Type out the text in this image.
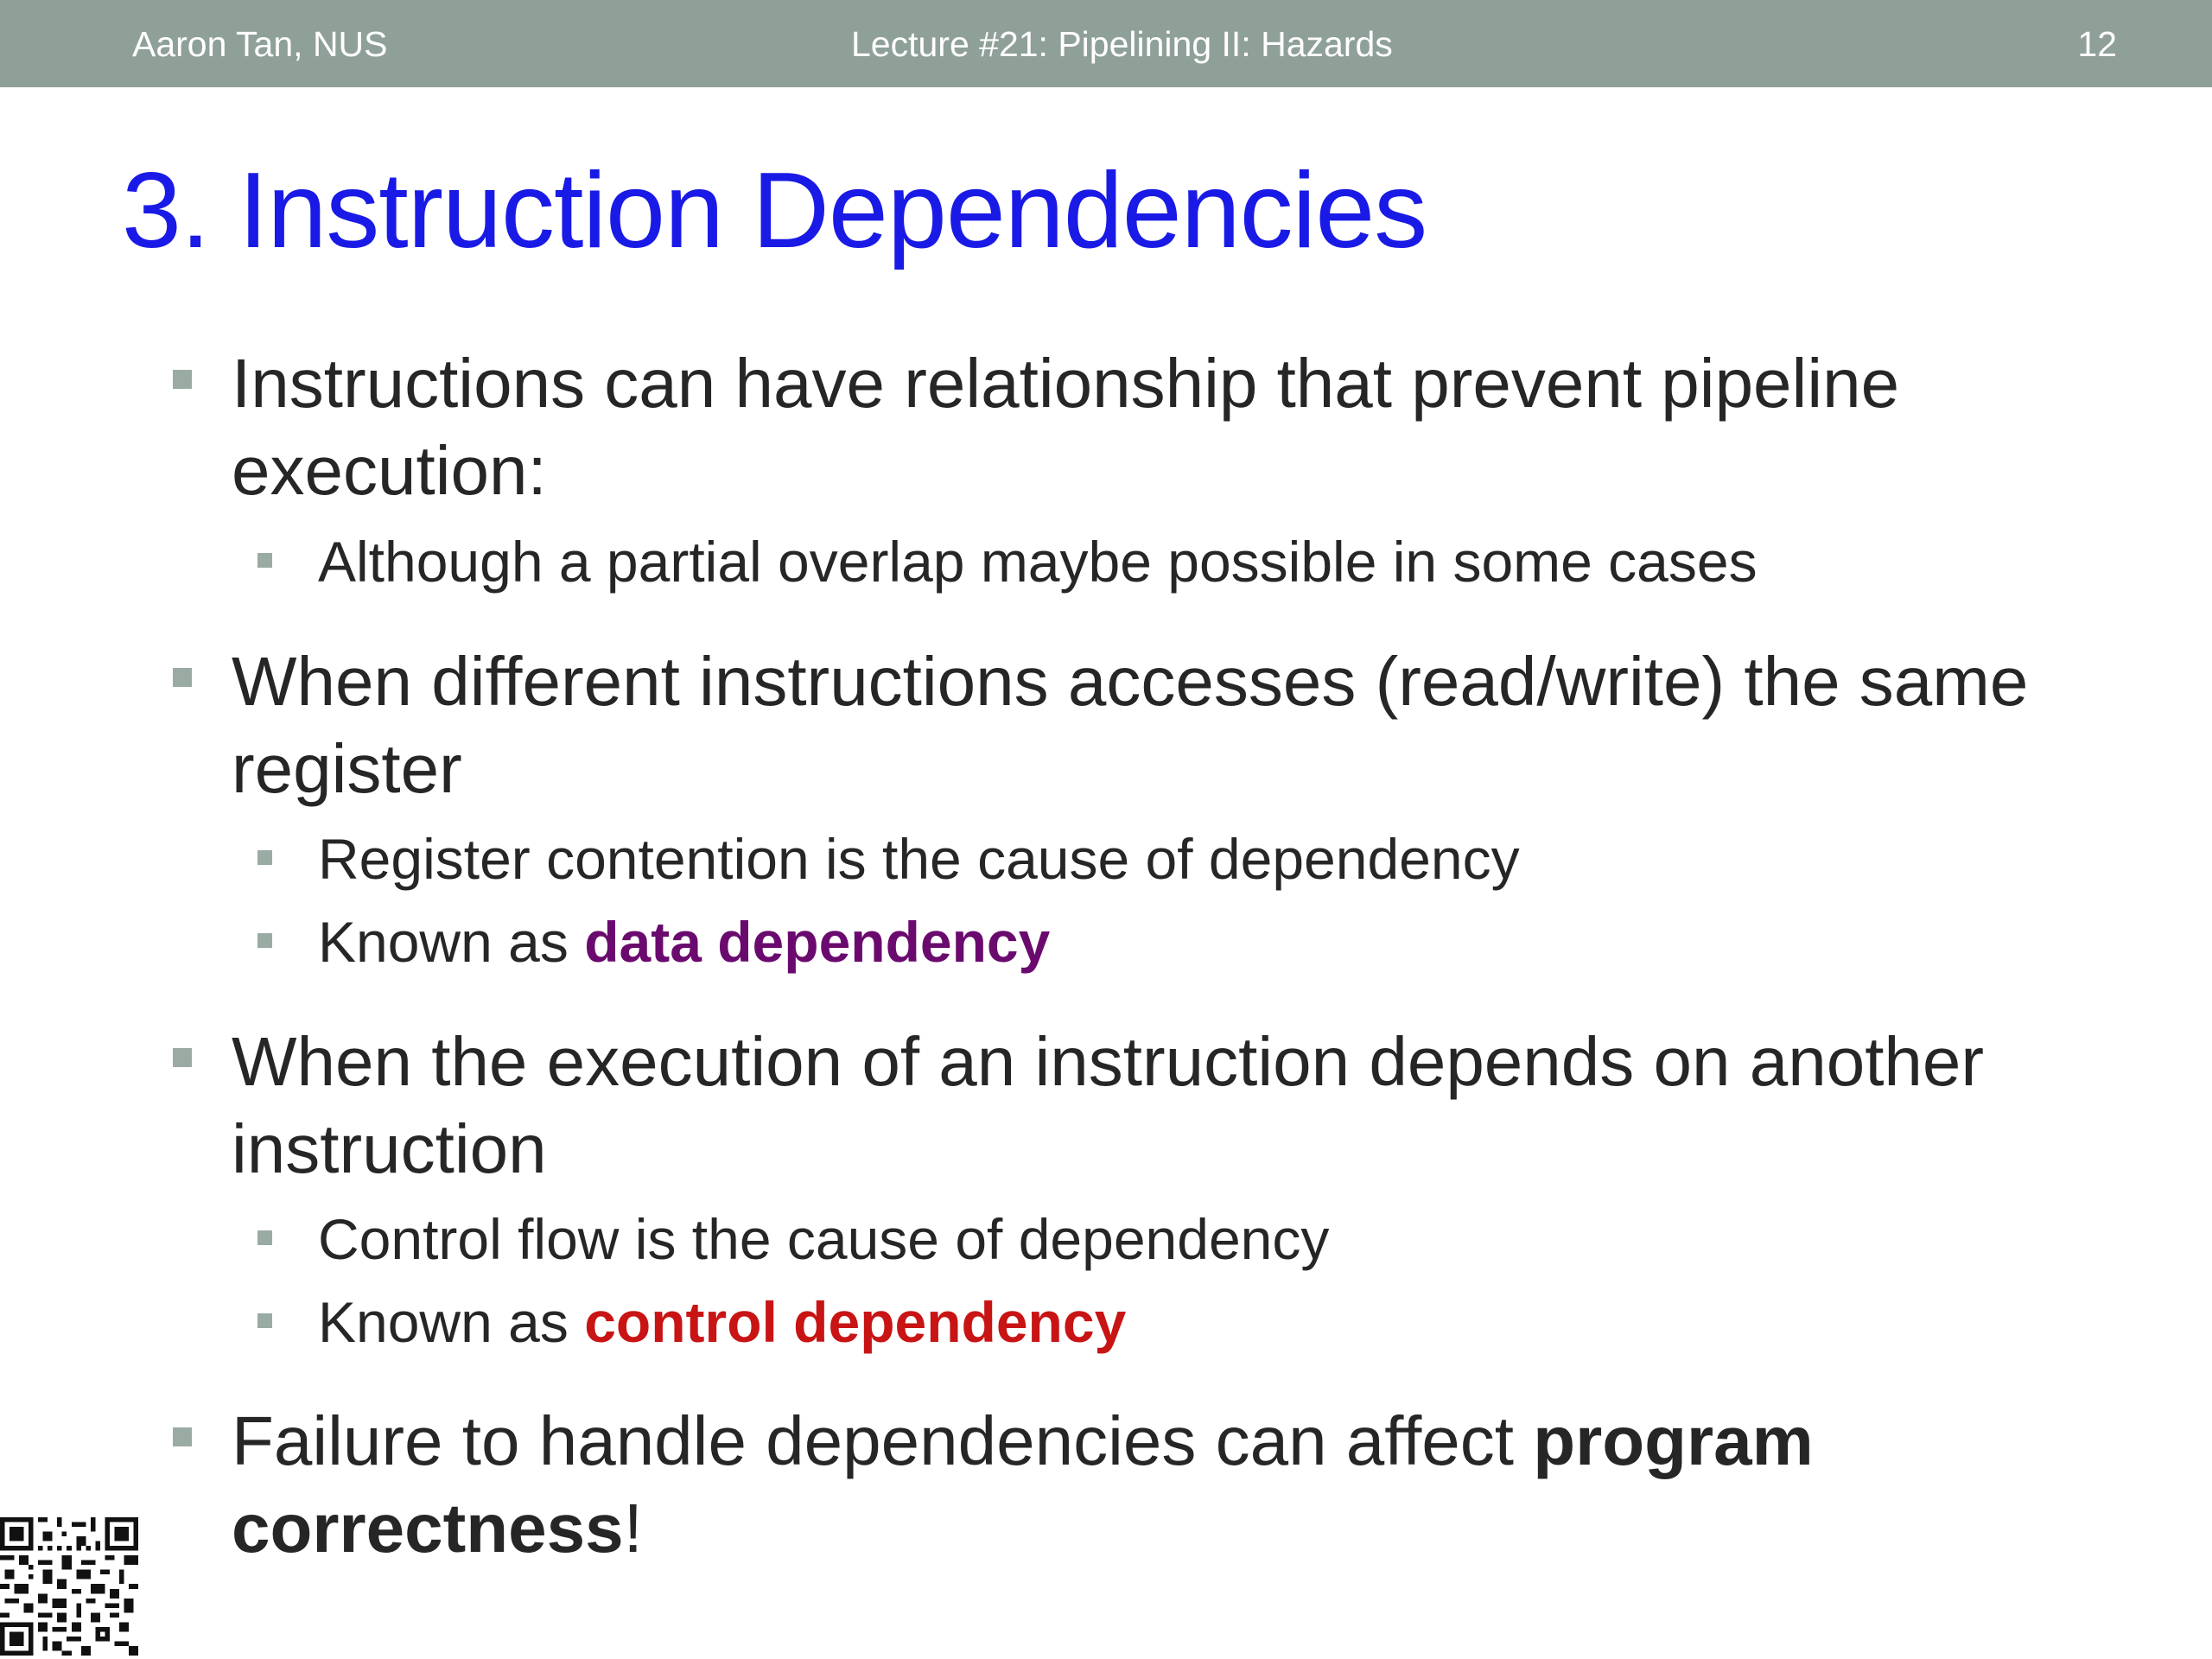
Aaron Tan, NUS	Lecture #21: Pipelining II: Hazards	12
3. Instruction Dependencies
Instructions can have relationship that prevent pipeline execution:
Although a partial overlap maybe possible in some cases
When different instructions accesses (read/write) the same register
Register contention is the cause of dependency
Known as data dependency
When the execution of an instruction depends on another instruction
Control flow is the cause of dependency
Known as control dependency
Failure to handle dependencies can affect program correctness!
